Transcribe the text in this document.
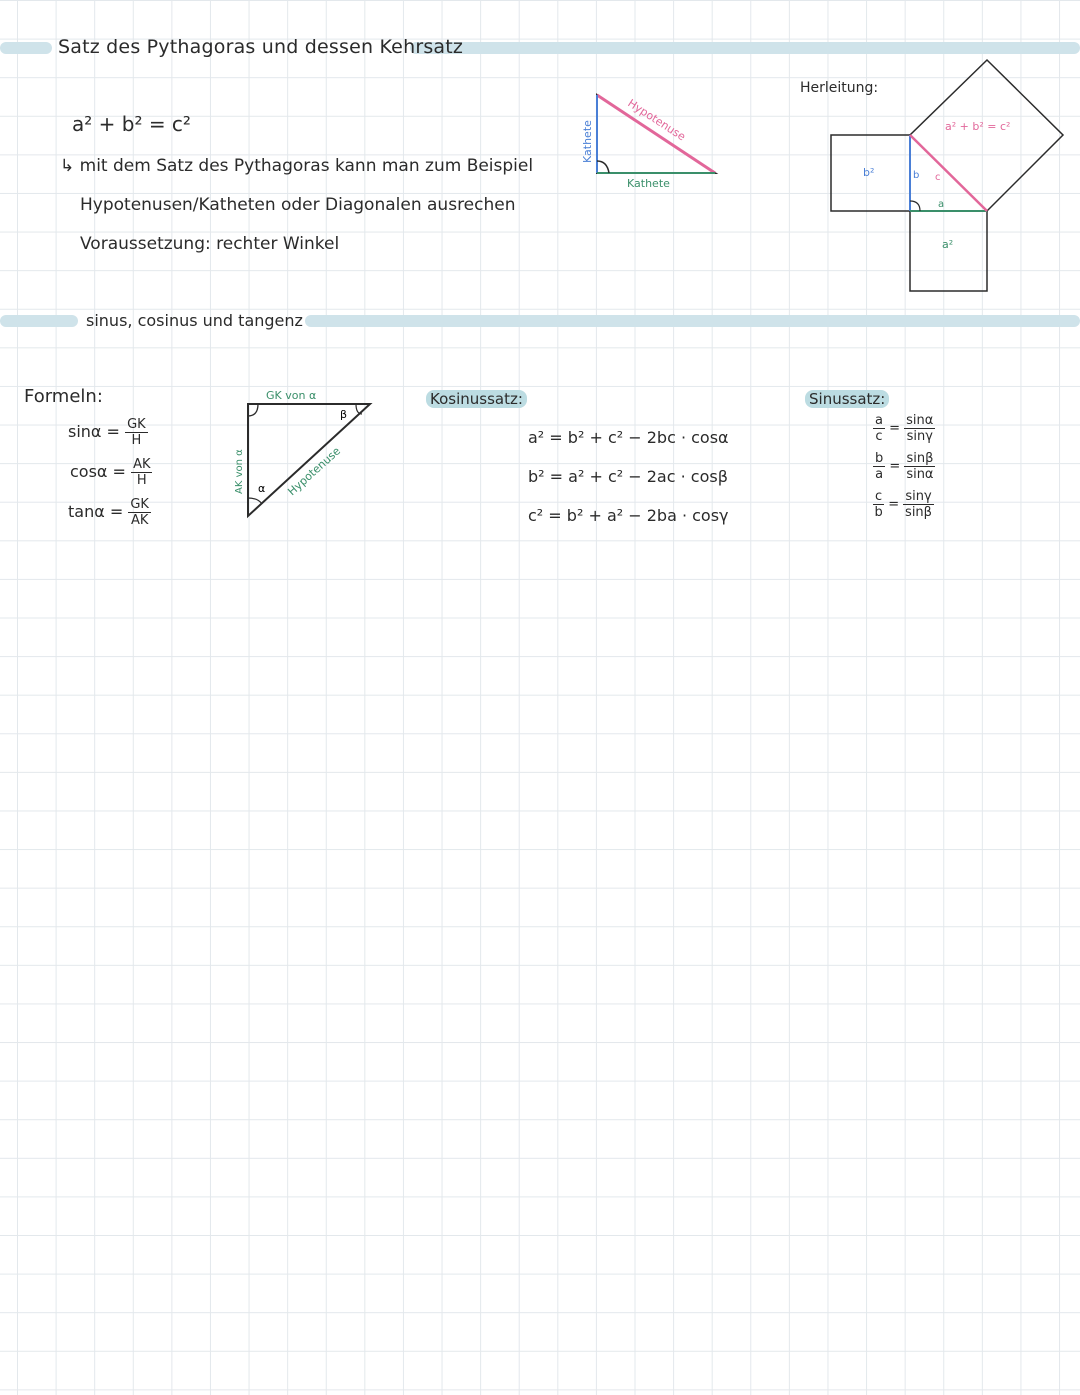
Satz des Pythagoras und dessen Kehrsatz
a² + b² = c²
↳ mit dem Satz des Pythagoras kann man zum Beispiel
Hypotenusen/Katheten oder Diagonalen ausrechen
Voraussetzung: rechter Winkel
Hypotenuse
Kathete
Kathete
Herleitung:
b²
a²
a² + b² = c²
b c
a
sinus, cosinus und tangenz
Formeln:
$\sin\alpha = \frac{GK}{H}$
$\cos\alpha = \frac{AK}{H}$
$\tan\alpha = \frac{GK}{AK}$
GK von α
AK von α	Hypotenuse
α
β
Kosinussatz:
a² = b² + c² − 2bc · cosα
b² = a² + c² − 2ac · cosβ
c² = b² + a² − 2ba · cosγ
Sinussatz:
$\frac{a}{c} = \frac{\sin\alpha}{\sin\gamma}$
$\frac{b}{a} = \frac{\sin\beta}{\sin\alpha}$
$\frac{c}{b} = \frac{\sin\gamma}{\sin\beta}$
